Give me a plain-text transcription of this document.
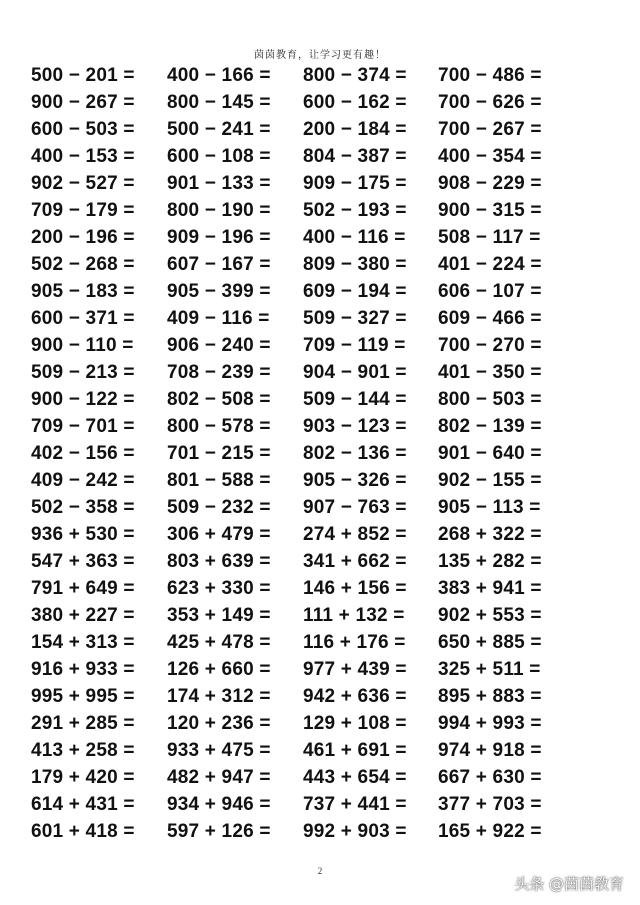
茵茵教育，让学习更有趣！
500 − 201 = 400 − 166 = 800 − 374 = 700 − 486 =
900 − 267 = 800 − 145 = 600 − 162 = 700 − 626 =
600 − 503 = 500 − 241 = 200 − 184 = 700 − 267 =
400 − 153 = 600 − 108 = 804 − 387 = 400 − 354 =
902 − 527 = 901 − 133 = 909 − 175 = 908 − 229 =
709 − 179 = 800 − 190 = 502 − 193 = 900 − 315 =
200 − 196 = 909 − 196 = 400 − 116 = 508 − 117 =
502 − 268 = 607 − 167 = 809 − 380 = 401 − 224 =
905 − 183 = 905 − 399 = 609 − 194 = 606 − 107 =
600 − 371 = 409 − 116 = 509 − 327 = 609 − 466 =
900 − 110 = 906 − 240 = 709 − 119 = 700 − 270 =
509 − 213 = 708 − 239 = 904 − 901 = 401 − 350 =
900 − 122 = 802 − 508 = 509 − 144 = 800 − 503 =
709 − 701 = 800 − 578 = 903 − 123 = 802 − 139 =
402 − 156 = 701 − 215 = 802 − 136 = 901 − 640 =
409 − 242 = 801 − 588 = 905 − 326 = 902 − 155 =
502 − 358 = 509 − 232 = 907 − 763 = 905 − 113 =
936 + 530 = 306 + 479 = 274 + 852 = 268 + 322 =
547 + 363 = 803 + 639 = 341 + 662 = 135 + 282 =
791 + 649 = 623 + 330 = 146 + 156 = 383 + 941 =
380 + 227 = 353 + 149 = 111 + 132 = 902 + 553 =
154 + 313 = 425 + 478 = 116 + 176 = 650 + 885 =
916 + 933 = 126 + 660 = 977 + 439 = 325 + 511 =
995 + 995 = 174 + 312 = 942 + 636 = 895 + 883 =
291 + 285 = 120 + 236 = 129 + 108 = 994 + 993 =
413 + 258 = 933 + 475 = 461 + 691 = 974 + 918 =
179 + 420 = 482 + 947 = 443 + 654 = 667 + 630 =
614 + 431 = 934 + 946 = 737 + 441 = 377 + 703 =
601 + 418 = 597 + 126 = 992 + 903 = 165 + 922 =
2
头条 @茵茵教育
